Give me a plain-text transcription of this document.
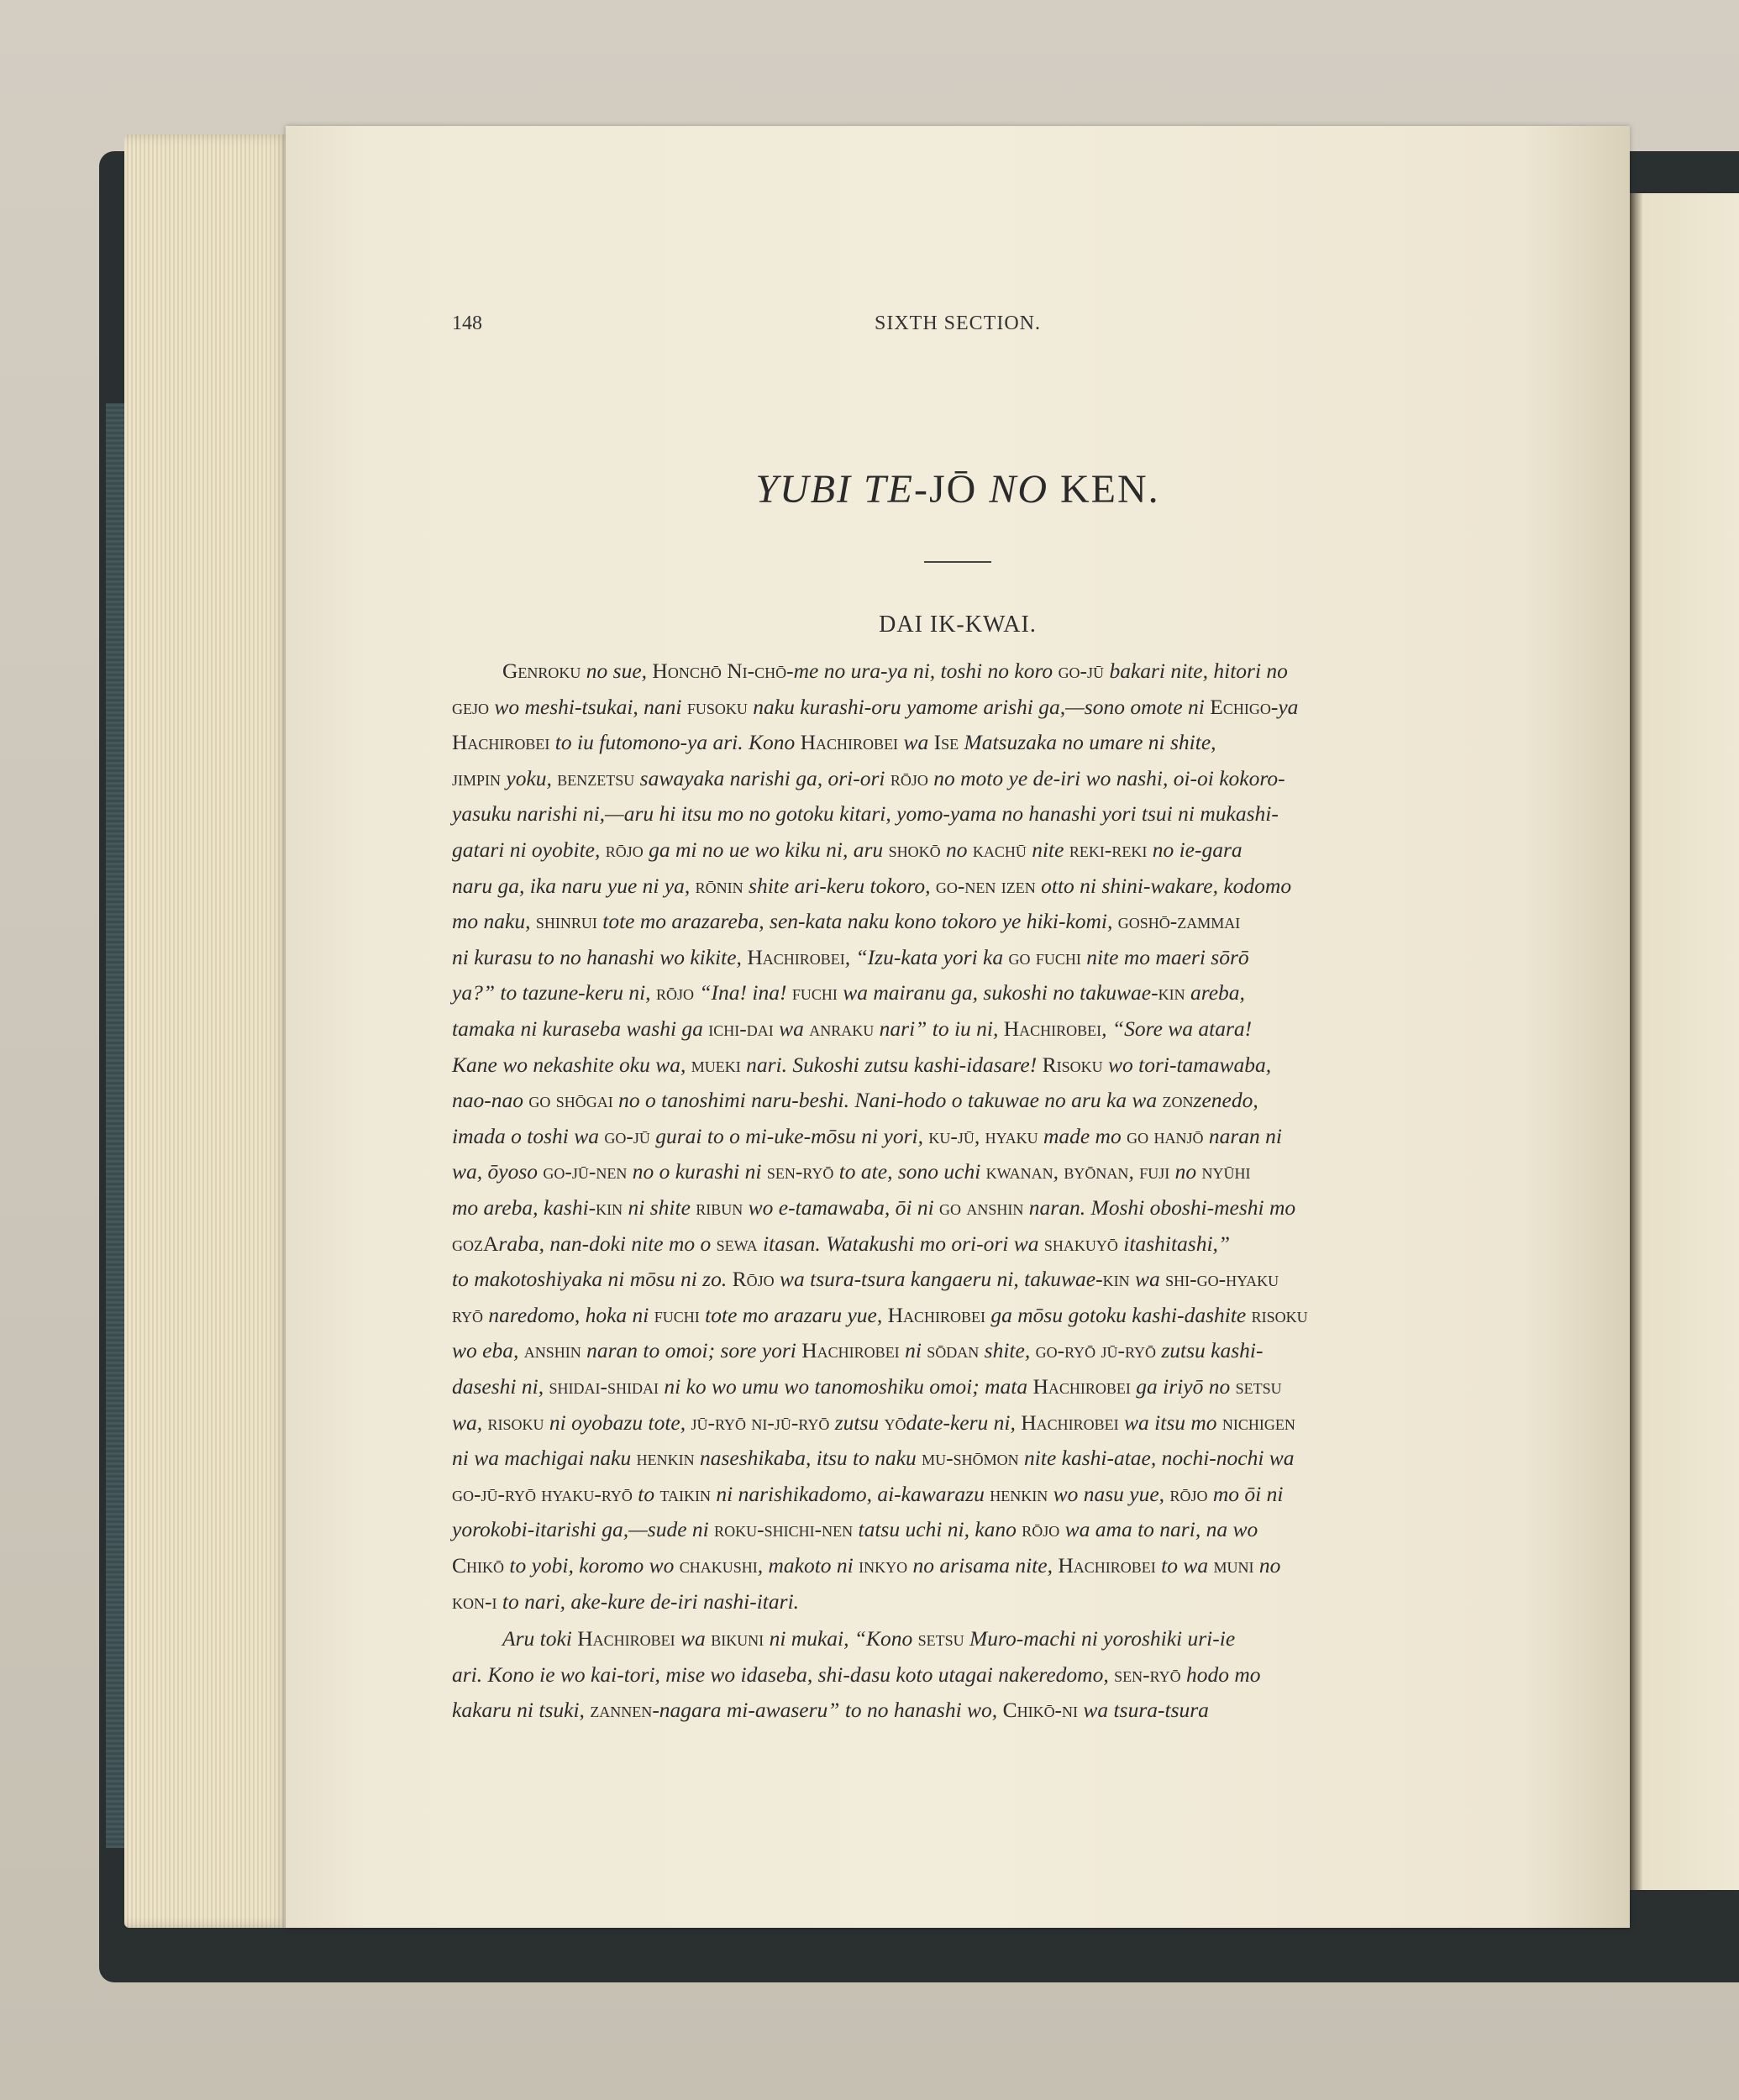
148	SIXTH SECTION.
YUBI TE-JŌ NO KEN.
DAI IK-KWAI.
Genroku no sue, Honchō Ni-chō-me no ura-ya ni, toshi no koro go-jū bakari nite, hitori no
gejo wo meshi-tsukai, nani fusoku naku kurashi-oru yamome arishi ga,—sono omote ni Echigo-ya
Hachirobei to iu futomono-ya ari. Kono Hachirobei wa Ise Matsuzaka no umare ni shite,
jimpin yoku, benzetsu sawayaka narishi ga, ori-ori rōjo no moto ye de-iri wo nashi, oi-oi kokoro-
yasuku narishi ni,—aru hi itsu mo no gotoku kitari, yomo-yama no hanashi yori tsui ni mukashi-
gatari ni oyobite, rōjo ga mi no ue wo kiku ni, aru shokō no kachū nite reki-reki no ie-gara
naru ga, ika naru yue ni ya, rōnin shite ari-keru tokoro, go-nen izen otto ni shini-wakare, kodomo
mo naku, shinrui tote mo arazareba, sen-kata naku kono tokoro ye hiki-komi, goshō-zammai
ni kurasu to no hanashi wo kikite, Hachirobei, “Izu-kata yori ka go fuchi nite mo maeri sōrō
ya?” to tazune-keru ni, rōjo “Ina! ina! fuchi wa mairanu ga, sukoshi no takuwae-kin areba,
tamaka ni kuraseba washi ga ichi-dai wa anraku nari” to iu ni, Hachirobei, “Sore wa atara!
Kane wo nekashite oku wa, mueki nari. Sukoshi zutsu kashi-idasare! Risoku wo tori-tamawaba,
nao-nao go shōgai no o tanoshimi naru-beshi. Nani-hodo o takuwae no aru ka wa zonzenedo,
imada o toshi wa go-jū gurai to o mi-uke-mōsu ni yori, ku-jū, hyaku made mo go hanjō naran ni
wa, ōyoso go-jū-nen no o kurashi ni sen-ryō to ate, sono uchi kwanan, byōnan, fuji no nyūhi
mo areba, kashi-kin ni shite ribun wo e-tamawaba, ōi ni go anshin naran. Moshi oboshi-meshi mo
gozAraba, nan-doki nite mo o sewa itasan. Watakushi mo ori-ori wa shakuyō itashitashi,”
to makotoshiyaka ni mōsu ni zo. Rōjo wa tsura-tsura kangaeru ni, takuwae-kin wa shi-go-hyaku
ryō naredomo, hoka ni fuchi tote mo arazaru yue, Hachirobei ga mōsu gotoku kashi-dashite risoku
wo eba, anshin naran to omoi; sore yori Hachirobei ni sōdan shite, go-ryō jū-ryō zutsu kashi-
daseshi ni, shidai-shidai ni ko wo umu wo tanomoshiku omoi; mata Hachirobei ga iriyō no setsu
wa, risoku ni oyobazu tote, jū-ryō ni-jū-ryō zutsu yōdate-keru ni, Hachirobei wa itsu mo nichigen
ni wa machigai naku henkin naseshikaba, itsu to naku mu-shōmon nite kashi-atae, nochi-nochi wa
go-jū-ryō hyaku-ryō to taikin ni narishikadomo, ai-kawarazu henkin wo nasu yue, rōjo mo ōi ni
yorokobi-itarishi ga,—sude ni roku-shichi-nen tatsu uchi ni, kano rōjo wa ama to nari, na wo
Chikō to yobi, koromo wo chakushi, makoto ni inkyo no arisama nite, Hachirobei to wa muni no
kon-i to nari, ake-kure de-iri nashi-itari.
Aru toki Hachirobei wa bikuni ni mukai, “Kono setsu Muro-machi ni yoroshiki uri-ie
ari. Kono ie wo kai-tori, mise wo idaseba, shi-dasu koto utagai nakeredomo, sen-ryō hodo mo
kakaru ni tsuki, zannen-nagara mi-awaseru” to no hanashi wo, Chikō-ni wa tsura-tsura
